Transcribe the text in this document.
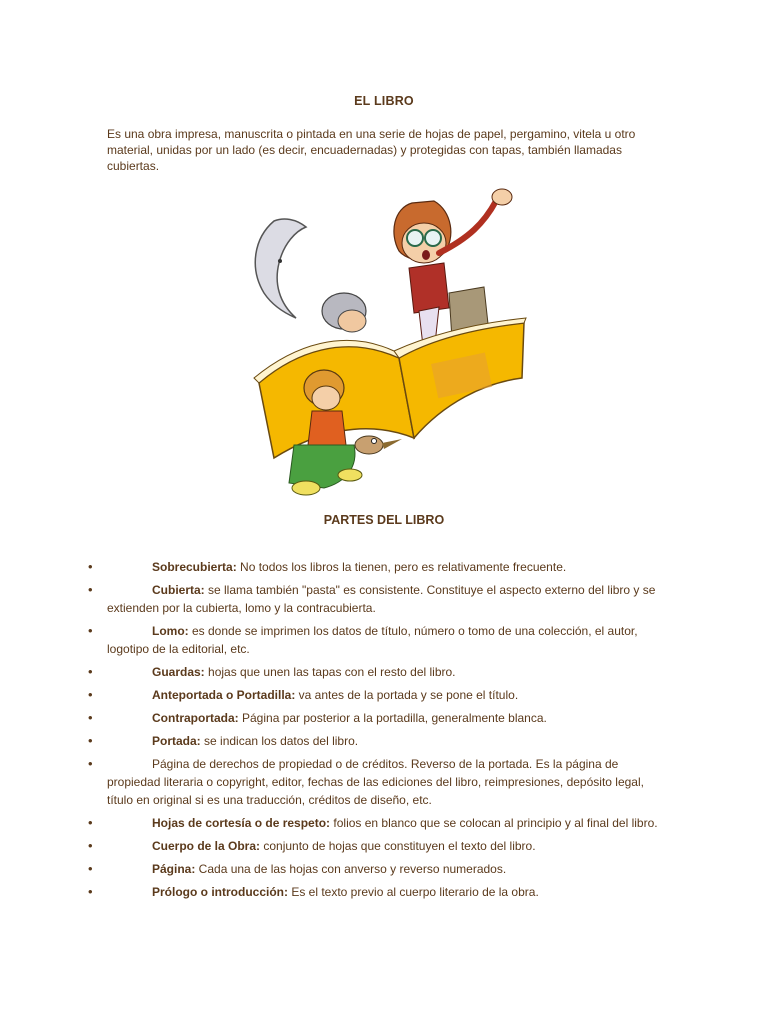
EL LIBRO
Es una obra impresa, manuscrita o pintada en una serie de hojas de papel, pergamino, vitela u otro material, unidas por un lado (es decir, encuadernadas) y protegidas con tapas, también llamadas cubiertas.
PARTES DEL LIBRO
•	Sobrecubierta: No todos los libros la tienen, pero es relativamente frecuente.
•	Cubierta: se llama también "pasta" es consistente. Constituye el aspecto externo del libro y se extienden por la cubierta, lomo y la contracubierta.
•	Lomo: es donde se imprimen los datos de título, número o tomo de una colección, el autor, logotipo de la editorial, etc.
•	Guardas: hojas que unen las tapas con el resto del libro.
•	Anteportada o Portadilla: va antes de la portada y se pone el título.
•	Contraportada: Página par posterior a la portadilla, generalmente blanca.
•	Portada: se indican los datos del libro.
•	Página de derechos de propiedad o de créditos. Reverso de la portada. Es la página de propiedad literaria o copyright, editor, fechas de las ediciones del libro, reimpresiones, depósito legal, título en original si es una traducción, créditos de diseño, etc.
•	Hojas de cortesía o de respeto: folios en blanco que se colocan al principio y al final del libro.
•	Cuerpo de la Obra: conjunto de hojas que constituyen el texto del libro.
•	Página: Cada una de las hojas con anverso y reverso numerados.
•	Prólogo o introducción: Es el texto previo al cuerpo literario de la obra.
